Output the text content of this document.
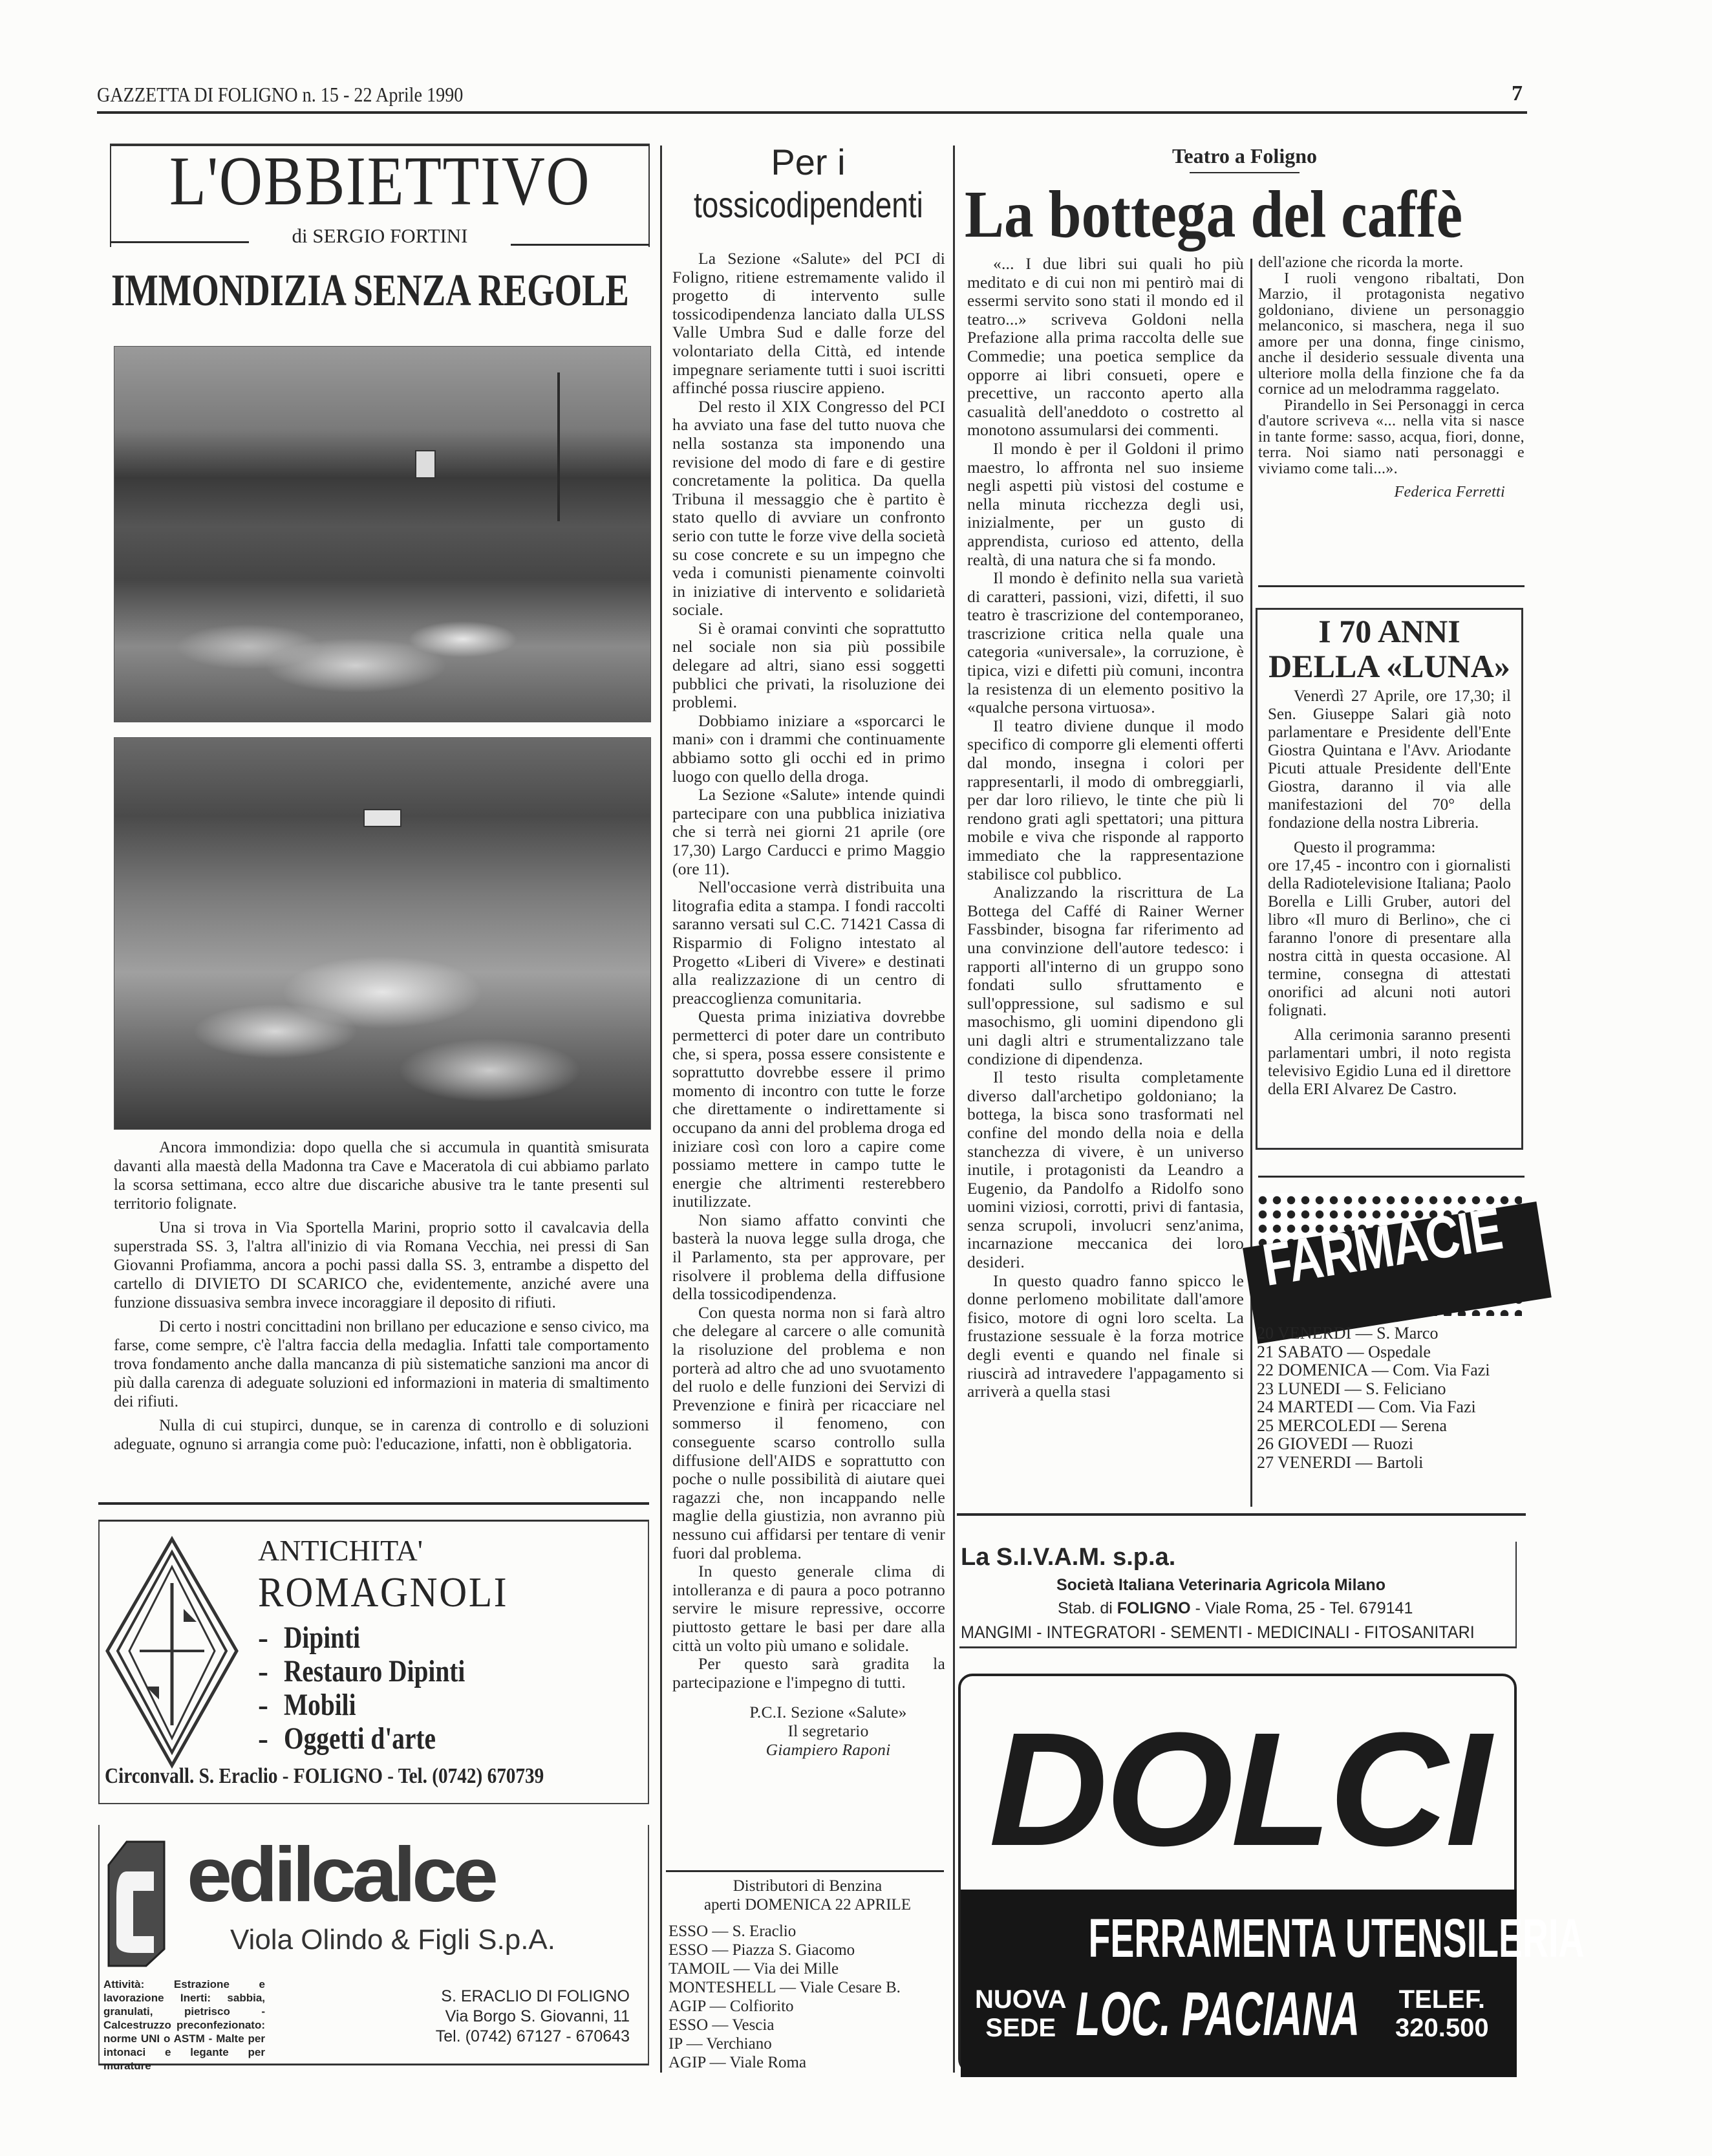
GAZZETTA DI FOLIGNO n. 15 - 22 Aprile 1990	7
L'OBBIETTIVO
di SERGIO FORTINI
IMMONDIZIA SENZA REGOLE

Ancora immondizia: dopo quella che si accumula in quantità smisurata davanti alla maestà della Madonna tra Cave e Maceratola di cui abbiamo parlato la scorsa settimana, ecco altre due discariche abusive tra le tante presenti sul territorio folignate.

Una si trova in Via Sportella Marini, proprio sotto il cavalcavia della superstrada SS. 3, l'altra all'inizio di via Romana Vecchia, nei pressi di San Giovanni Profiamma, ancora a pochi passi dalla SS. 3, entrambe a dispetto del cartello di DIVIETO DI SCARICO che, evidentemente, anziché avere una funzione dissuasiva sembra invece incoraggiare il deposito di rifiuti.

Di certo i nostri concittadini non brillano per educazione e senso civico, ma farse, come sempre, c'è l'altra faccia della medaglia. Infatti tale comportamento trova fondamento anche dalla mancanza di più sistematiche sanzioni ma ancor di più dalla carenza di adeguate soluzioni ed informazioni in materia di smaltimento dei rifiuti.

Nulla di cui stupirci, dunque, se in carenza di controllo e di soluzioni adeguate, ognuno si arrangia come può: l'educazione, infatti, non è obbligatoria.

ANTICHITA'
ROMAGNOLI
- Dipinti
- Restauro Dipinti
- Mobili
- Oggetti d'arte
Circonvall. S. Eraclio - FOLIGNO - Tel. (0742) 670739
edilcalce
Viola Olindo & Figli S.p.A.
Attività: Estrazione e lavorazione Inerti: sabbia, granulati, pietrisco - Calcestruzzo preconfezionato: norme UNI o ASTM - Malte per intonaci e legante per murature
S. ERACLIO DI FOLIGNO
Via Borgo S. Giovanni, 11
Tel. (0742) 67127 - 670643
Per i
tossicodipendenti

La Sezione «Salute» del PCI di Foligno, ritiene estremamente valido il progetto di intervento sulle tossicodipendenza lanciato dalla ULSS Valle Umbra Sud e dalle forze del volontariato della Città, ed intende impegnare seriamente tutti i suoi iscritti affinché possa riuscire appieno.

Del resto il XIX Congresso del PCI ha avviato una fase del tutto nuova che nella sostanza sta imponendo una revisione del modo di fare e di gestire concretamente la politica. Da quella Tribuna il messaggio che è partito è stato quello di avviare un confronto serio con tutte le forze vive della società su cose concrete e su un impegno che veda i comunisti pienamente coinvolti in iniziative di intervento e solidarietà sociale.

Si è oramai convinti che soprattutto nel sociale non sia più possibile delegare ad altri, siano essi soggetti pubblici che privati, la risoluzione dei problemi.

Dobbiamo iniziare a «sporcarci le mani» con i drammi che continuamente abbiamo sotto gli occhi ed in primo luogo con quello della droga.

La Sezione «Salute» intende quindi partecipare con una pubblica iniziativa che si terrà nei giorni 21 aprile (ore 17,30) Largo Carducci e primo Maggio (ore 11).

Nell'occasione verrà distribuita una litografia edita a stampa. I fondi raccolti saranno versati sul C.C. 71421 Cassa di Risparmio di Foligno intestato al Progetto «Liberi di Vivere» e destinati alla realizzazione di un centro di preaccoglienza comunitaria.

Questa prima iniziativa dovrebbe permetterci di poter dare un contributo che, si spera, possa essere consistente e soprattutto dovrebbe essere il primo momento di incontro con tutte le forze che direttamente o indirettamente si occupano da anni del problema droga ed iniziare così con loro a capire come possiamo mettere in campo tutte le energie che altrimenti resterebbero inutilizzate.

Non siamo affatto convinti che basterà la nuova legge sulla droga, che il Parlamento, sta per approvare, per risolvere il problema della diffusione della tossicodipendenza.

Con questa norma non si farà altro che delegare al carcere o alle comunità la risoluzione del problema e non porterà ad altro che ad uno svuotamento del ruolo e delle funzioni dei Servizi di Prevenzione e finirà per ricacciare nel sommerso il fenomeno, con conseguente scarso controllo sulla diffusione dell'AIDS e soprattutto con poche o nulle possibilità di aiutare quei ragazzi che, non incappando nelle maglie della giustizia, non avranno più nessuno cui affidarsi per tentare di venir fuori dal problema.

In questo generale clima di intolleranza e di paura a poco potranno servire le misure repressive, occorre piuttosto gettare le basi per dare alla città un volto più umano e solidale.

Per questo sarà gradita la partecipazione e l'impegno di tutti.

P.C.I. Sezione «Salute»
Il segretario
Giampiero Raponi
Distributori di Benzina
aperti DOMENICA 22 APRILE
ESSO — S. Eraclio
ESSO — Piazza S. Giacomo
TAMOIL — Via dei Mille
MONTESHELL — Viale Cesare B.
AGIP — Colfiorito
ESSO — Vescia
IP — Verchiano
AGIP — Viale Roma
Teatro a Foligno
La bottega del caffè

«... I due libri sui quali ho più meditato e di cui non mi pentirò mai di essermi servito sono stati il mondo ed il teatro...» scriveva Goldoni nella Prefazione alla prima raccolta delle sue Commedie; una poetica semplice da opporre ai libri consueti, opere e precettive, un racconto aperto alla casualità dell'aneddoto o costretto al monotono assumularsi dei commenti.

Il mondo è per il Goldoni il primo maestro, lo affronta nel suo insieme negli aspetti più vistosi del costume e nella minuta ricchezza degli usi, inizialmente, per un gusto di apprendista, curioso ed attento, della realtà, di una natura che si fa mondo.

Il mondo è definito nella sua varietà di caratteri, passioni, vizi, difetti, il suo teatro è trascrizione del contemporaneo, trascrizione critica nella quale una categoria «universale», la corruzione, è tipica, vizi e difetti più comuni, incontra la resistenza di un elemento positivo la «qualche persona virtuosa».

Il teatro diviene dunque il modo specifico di comporre gli elementi offerti dal mondo, insegna i colori per rappresentarli, il modo di ombreggiarli, per dar loro rilievo, le tinte che più li rendono grati agli spettatori; una pittura mobile e viva che risponde al rapporto immediato che la rappresentazione stabilisce col pubblico.

Analizzando la riscrittura de La Bottega del Caffé di Rainer Werner Fassbinder, bisogna far riferimento ad una convinzione dell'autore tedesco: i rapporti all'interno di un gruppo sono fondati sullo sfruttamento e sull'oppressione, sul sadismo e sul masochismo, gli uomini dipendono gli uni dagli altri e strumentalizzano tale condizione di dipendenza.

Il testo risulta completamente diverso dall'archetipo goldoniano; la bottega, la bisca sono trasformati nel confine del mondo della noia e della stanchezza di vivere, è un universo inutile, i protagonisti da Leandro a Eugenio, da Pandolfo a Ridolfo sono uomini viziosi, corrotti, privi di fantasia, senza scrupoli, involucri senz'anima, incarnazione meccanica dei loro desideri.

In questo quadro fanno spicco le donne perlomeno mobilitate dall'amore fisico, motore di ogni loro scelta. La frustazione sessuale è la forza motrice degli eventi e quando nel finale si riuscirà ad intravedere l'appagamento si arriverà a quella stasi

dell'azione che ricorda la morte.

I ruoli vengono ribaltati, Don Marzio, il protagonista negativo goldoniano, diviene un personaggio melanconico, si maschera, nega il suo amore per una donna, finge cinismo, anche il desiderio sessuale diventa una ulteriore molla della finzione che fa da cornice ad un melodramma raggelato.

Pirandello in Sei Personaggi in cerca d'autore scriveva «... nella vita si nasce in tante forme: sasso, acqua, fiori, donne, terra. Noi siamo nati personaggi e viviamo come tali...».

Federica Ferretti
I 70 ANNI
DELLA «LUNA»

Venerdì 27 Aprile, ore 17,30; il Sen. Giuseppe Salari già noto parlamentare e Presidente dell'Ente Giostra Quintana e l'Avv. Ariodante Picuti attuale Presidente dell'Ente Giostra, daranno il via alle manifestazioni del 70° della fondazione della nostra Libreria.

Questo il programma:

ore 17,45 - incontro con i giornalisti della Radiotelevisione Italiana; Paolo Borella e Lilli Gruber, autori del libro «Il muro di Berlino», che ci faranno l'onore di presentare alla nostra città in questa occasione. Al termine, consegna di attestati onorifici ad alcuni noti autori folignati.

Alla cerimonia saranno presenti parlamentari umbri, il noto regista televisivo Egidio Luna ed il direttore della ERI Alvarez De Castro.

FARMACIE
20 VENERDI — S. Marco
21 SABATO — Ospedale
22 DOMENICA — Com. Via Fazi
23 LUNEDI — S. Feliciano
24 MARTEDI — Com. Via Fazi
25 MERCOLEDI — Serena
26 GIOVEDI — Ruozi
27 VENERDI — Bartoli
La S.I.V.A.M. s.p.a.
Società Italiana Veterinaria Agricola Milano
Stab. di FOLIGNO - Viale Roma, 25 - Tel. 679141
MANGIMI - INTEGRATORI - SEMENTI - MEDICINALI - FITOSANITARI
DOLCI
FERRAMENTA UTENSILERIA
NUOVA
SEDE LOC. PACIANA	TELEF.
320.500
